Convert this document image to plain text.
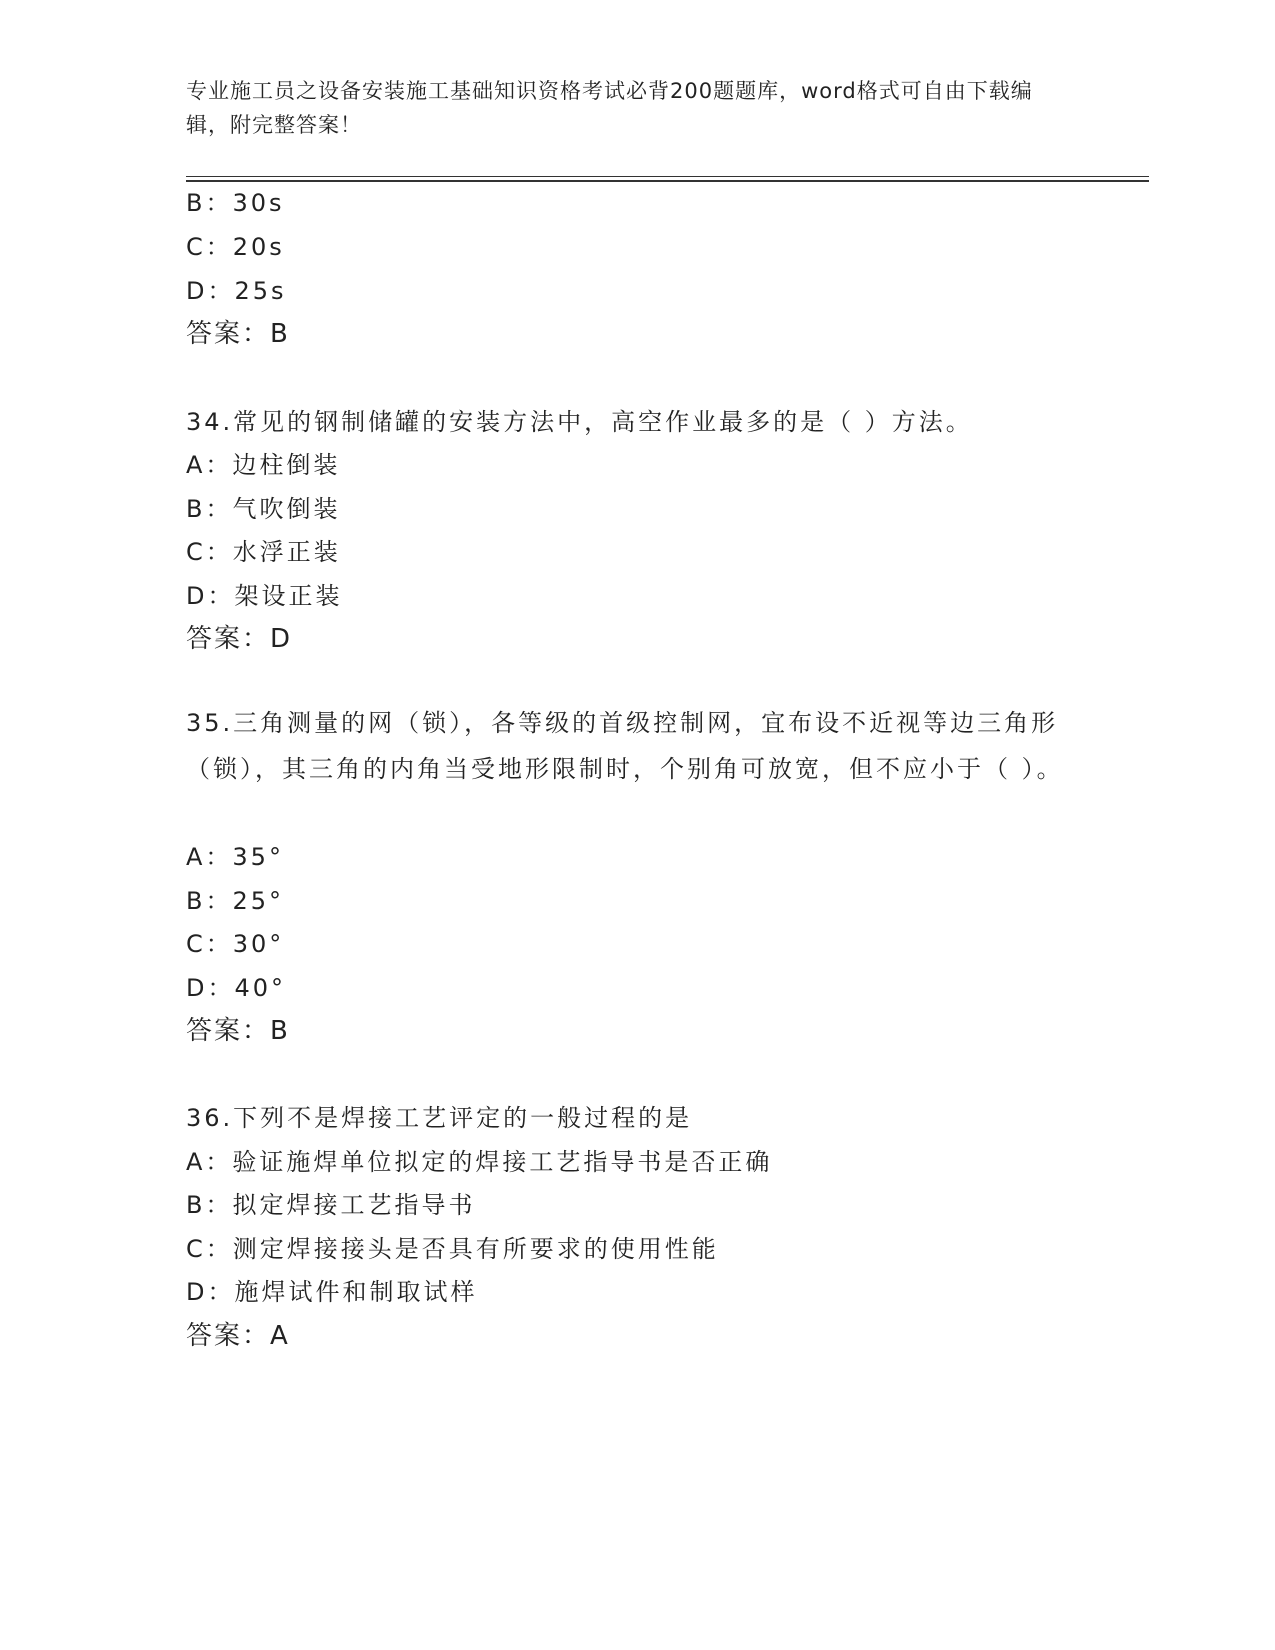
专业施工员之设备安装施工基础知识资格考试必背200题题库，word格式可自由下载编辑，附完整答案！
B：30s
C：20s
D：25s
答案：B
34.常见的钢制储罐的安装方法中，高空作业最多的是（ ）方法。
A：边柱倒装
B：气吹倒装
C：水浮正装
D：架设正装
答案：D
35.三角测量的网（锁），各等级的首级控制网，宜布设不近视等边三角形（锁），其三角的内角当受地形限制时，个别角可放宽，但不应小于（ ）。
A：35°
B：25°
C：30°
D：40°
答案：B
36.下列不是焊接工艺评定的一般过程的是
A：验证施焊单位拟定的焊接工艺指导书是否正确
B：拟定焊接工艺指导书
C：测定焊接接头是否具有所要求的使用性能
D：施焊试件和制取试样
答案：A
